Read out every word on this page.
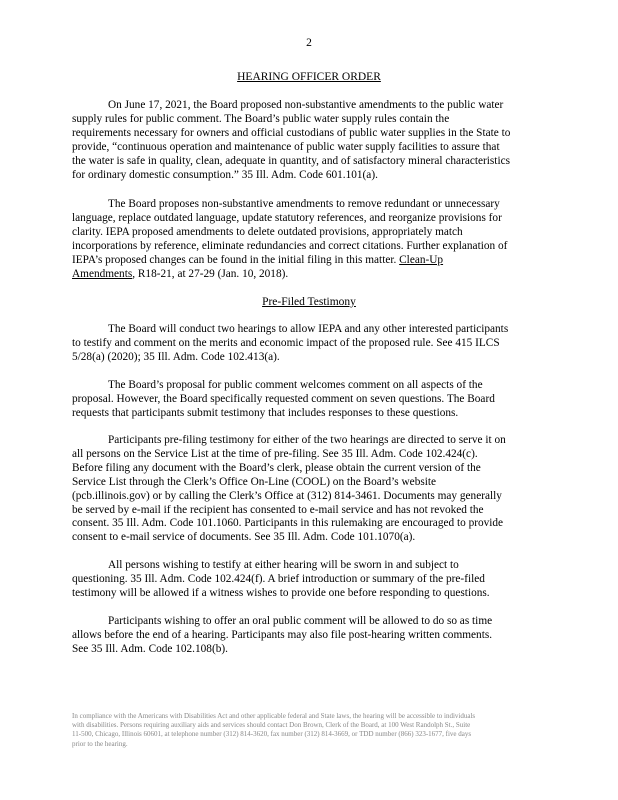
2
HEARING OFFICER ORDER
On June 17, 2021, the Board proposed non-substantive amendments to the public water
supply rules for public comment. The Board’s public water supply rules contain the
requirements necessary for owners and official custodians of public water supplies in the State to
provide, “continuous operation and maintenance of public water supply facilities to assure that
the water is safe in quality, clean, adequate in quantity, and of satisfactory mineral characteristics
for ordinary domestic consumption.” 35 Ill. Adm. Code 601.101(a).
The Board proposes non-substantive amendments to remove redundant or unnecessary
language, replace outdated language, update statutory references, and reorganize provisions for
clarity. IEPA proposed amendments to delete outdated provisions, appropriately match
incorporations by reference, eliminate redundancies and correct citations. Further explanation of
IEPA’s proposed changes can be found in the initial filing in this matter. Clean-Up
Amendments, R18-21, at 27-29 (Jan. 10, 2018).
Pre-Filed Testimony
The Board will conduct two hearings to allow IEPA and any other interested participants
to testify and comment on the merits and economic impact of the proposed rule. See 415 ILCS
5/28(a) (2020); 35 Ill. Adm. Code 102.413(a).
The Board’s proposal for public comment welcomes comment on all aspects of the
proposal. However, the Board specifically requested comment on seven questions. The Board
requests that participants submit testimony that includes responses to these questions.
Participants pre-filing testimony for either of the two hearings are directed to serve it on
all persons on the Service List at the time of pre-filing. See 35 Ill. Adm. Code 102.424(c).
Before filing any document with the Board’s clerk, please obtain the current version of the
Service List through the Clerk’s Office On-Line (COOL) on the Board’s website
(pcb.illinois.gov) or by calling the Clerk’s Office at (312) 814-3461. Documents may generally
be served by e-mail if the recipient has consented to e-mail service and has not revoked the
consent. 35 Ill. Adm. Code 101.1060. Participants in this rulemaking are encouraged to provide
consent to e-mail service of documents. See 35 Ill. Adm. Code 101.1070(a).
All persons wishing to testify at either hearing will be sworn in and subject to
questioning. 35 Ill. Adm. Code 102.424(f). A brief introduction or summary of the pre-filed
testimony will be allowed if a witness wishes to provide one before responding to questions.
Participants wishing to offer an oral public comment will be allowed to do so as time
allows before the end of a hearing. Participants may also file post-hearing written comments.
See 35 Ill. Adm. Code 102.108(b).
In compliance with the Americans with Disabilities Act and other applicable federal and State laws, the hearing will be accessible to individuals
with disabilities. Persons requiring auxiliary aids and services should contact Don Brown, Clerk of the Board, at 100 West Randolph St., Suite
11-500, Chicago, Illinois 60601, at telephone number (312) 814-3620, fax number (312) 814-3669, or TDD number (866) 323-1677, five days
prior to the hearing.
